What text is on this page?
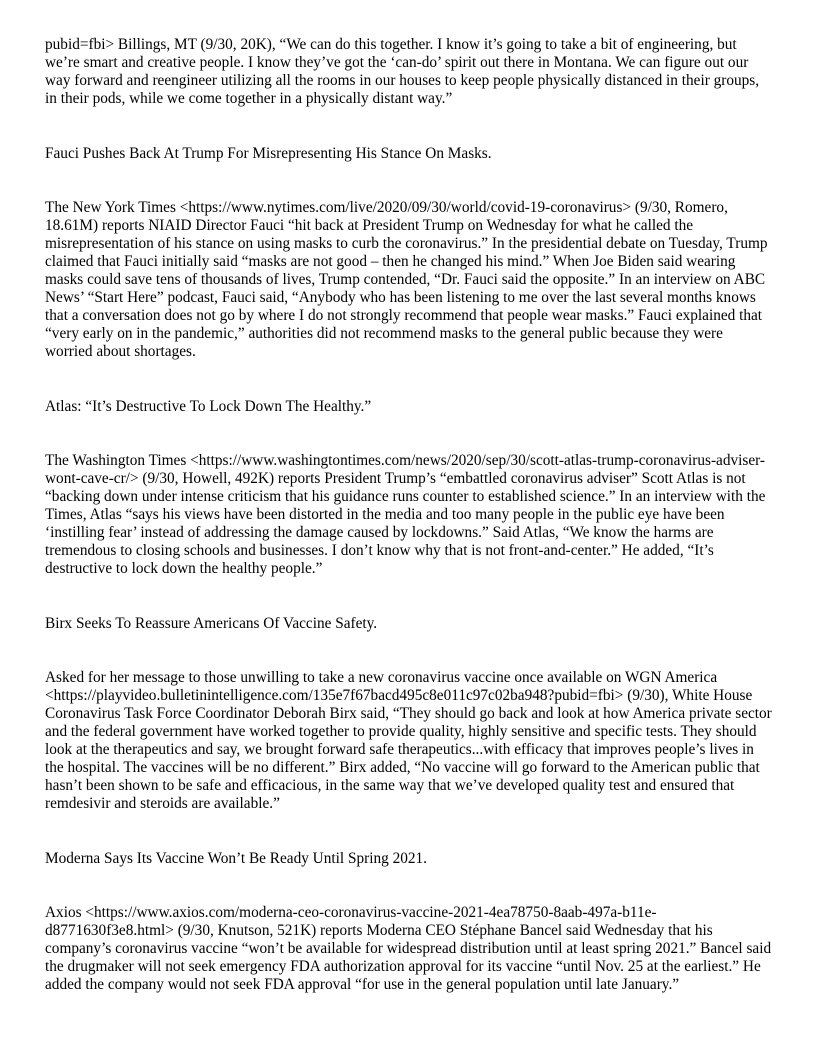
pubid=fbi> Billings, MT (9/30, 20K), “We can do this together. I know it’s going to take a bit of engineering, but we’re smart and creative people. I know they’ve got the ‘can-do’ spirit out there in Montana. We can figure out our way forward and reengineer utilizing all the rooms in our houses to keep people physically distanced in their groups, in their pods, while we come together in a physically distant way.”

Fauci Pushes Back At Trump For Misrepresenting His Stance On Masks.

The New York Times <https://www.nytimes.com/live/2020/09/30/world/covid-19-coronavirus> (9/30, Romero, 18.61M) reports NIAID Director Fauci “hit back at President Trump on Wednesday for what he called the misrepresentation of his stance on using masks to curb the coronavirus.” In the presidential debate on Tuesday, Trump claimed that Fauci initially said “masks are not good – then he changed his mind.” When Joe Biden said wearing masks could save tens of thousands of lives, Trump contended, “Dr. Fauci said the opposite.” In an interview on ABC News’ “Start Here” podcast, Fauci said, “Anybody who has been listening to me over the last several months knows that a conversation does not go by where I do not strongly recommend that people wear masks.” Fauci explained that “very early on in the pandemic,” authorities did not recommend masks to the general public because they were worried about shortages.

Atlas: “It’s Destructive To Lock Down The Healthy.”

The Washington Times <https://www.washingtontimes.com/news/2020/sep/30/scott-atlas-trump-coronavirus-adviser-wont-cave-cr/> (9/30, Howell, 492K) reports President Trump’s “embattled coronavirus adviser” Scott Atlas is not “backing down under intense criticism that his guidance runs counter to established science.” In an interview with the Times, Atlas “says his views have been distorted in the media and too many people in the public eye have been ‘instilling fear’ instead of addressing the damage caused by lockdowns.” Said Atlas, “We know the harms are tremendous to closing schools and businesses. I don’t know why that is not front-and-center.” He added, “It’s destructive to lock down the healthy people.”

Birx Seeks To Reassure Americans Of Vaccine Safety.

Asked for her message to those unwilling to take a new coronavirus vaccine once available on WGN America <https://playvideo.bulletinintelligence.com/135e7f67bacd495c8e011c97c02ba948?pubid=fbi> (9/30), White House Coronavirus Task Force Coordinator Deborah Birx said, “They should go back and look at how America private sector and the federal government have worked together to provide quality, highly sensitive and specific tests. They should look at the therapeutics and say, we brought forward safe therapeutics...with efficacy that improves people’s lives in the hospital. The vaccines will be no different.” Birx added, “No vaccine will go forward to the American public that hasn’t been shown to be safe and efficacious, in the same way that we’ve developed quality test and ensured that remdesivir and steroids are available.”

Moderna Says Its Vaccine Won’t Be Ready Until Spring 2021.

Axios <https://www.axios.com/moderna-ceo-coronavirus-vaccine-2021-4ea78750-8aab-497a-b11e-d8771630f3e8.html> (9/30, Knutson, 521K) reports Moderna CEO Stéphane Bancel said Wednesday that his company’s coronavirus vaccine “won’t be available for widespread distribution until at least spring 2021.” Bancel said the drugmaker will not seek emergency FDA authorization approval for its vaccine “until Nov. 25 at the earliest.” He added the company would not seek FDA approval “for use in the general population until late January.”
